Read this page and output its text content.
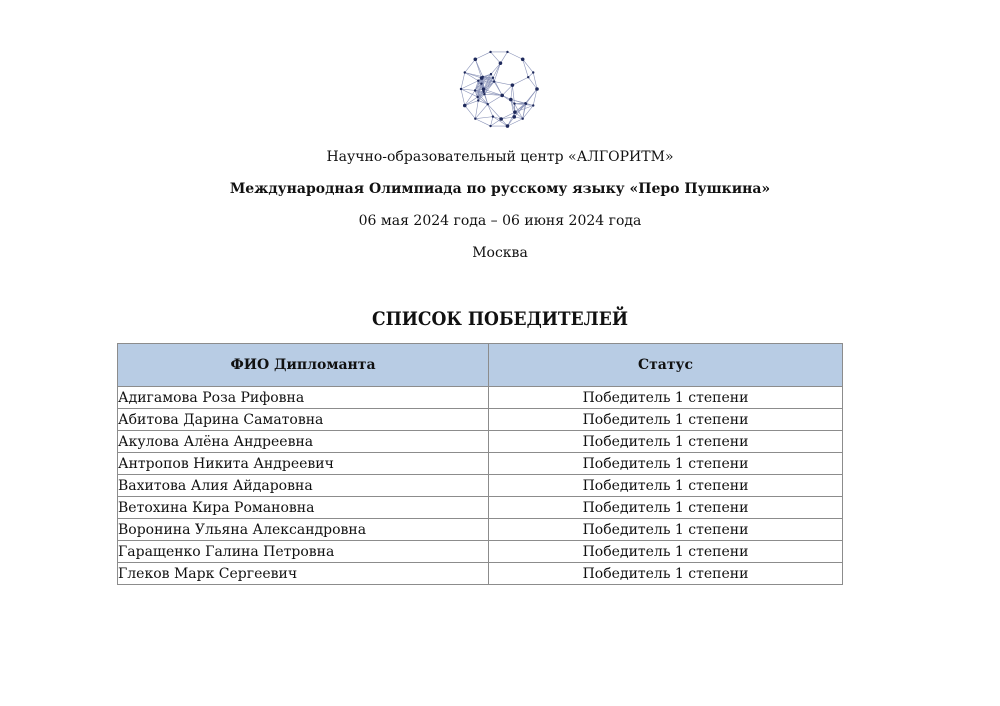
Научно-образовательный центр «АЛГОРИТМ»
Международная Олимпиада по русскому языку «Перо Пушкина»
06 мая 2024 года – 06 июня 2024 года
Москва
СПИСОК ПОБЕДИТЕЛЕЙ
ФИО Дипломанта	Статус
Адигамова Роза Рифовна	Победитель 1 степени
Абитова Дарина Саматовна	Победитель 1 степени
Акулова Алёна Андреевна	Победитель 1 степени
Антропов Никита Андреевич	Победитель 1 степени
Вахитова Алия Айдаровна	Победитель 1 степени
Ветохина Кира Романовна	Победитель 1 степени
Воронина Ульяна Александровна	Победитель 1 степени
Гаращенко Галина Петровна	Победитель 1 степени
Глеков Марк Сергеевич	Победитель 1 степени
